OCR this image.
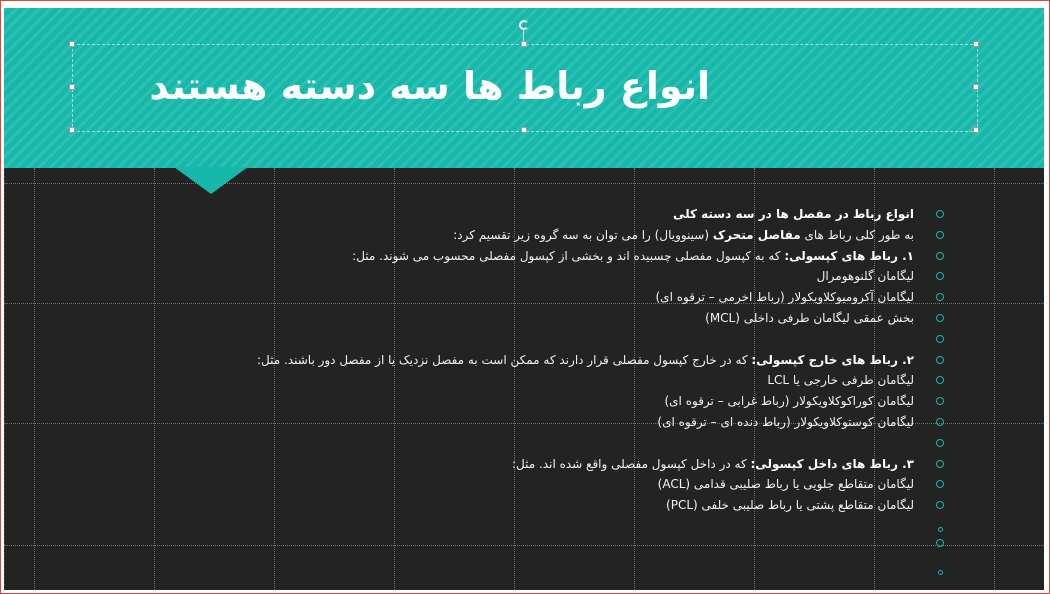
انواع رباط ها سه دسته هستند
انواع رباط در مفصل ها در سه دسته کلی
به طور کلی رباط های مفاصل متحرک (سینوویال) را می توان به سه گروه زیر تقسیم کرد:
۱. رباط های کپسولی: که به کپسول مفصلی چسبیده اند و بخشی از کپسول مفصلی محسوب می شوند. مثل:
لیگامان گلنوهومرال
لیگامان آکرومیوکلاویکولار (رباط اخرمی – ترقوه ای)
بخش عمقی لیگامان طرفی داخلی (MCL)
۲. رباط های خارج کپسولی: که در خارج کپسول مفصلی قرار دارند که ممکن است به مفصل نزدیک یا از مفصل دور باشند. مثل:
لیگامان طرفی خارجی یا LCL
لیگامان کوراکوکلاویکولار (رباط غرابی – ترقوه ای)
لیگامان کوستوکلاویکولار (رباط دنده ای – ترقوه ای)
۳. رباط های داخل کپسولی: که در داخل کپسول مفصلی واقع شده اند. مثل:
لیگامان متقاطع جلویی یا رباط صلیبی قدامی (ACL)
لیگامان متقاطع پشتی یا رباط صلیبی خلفی (PCL)
